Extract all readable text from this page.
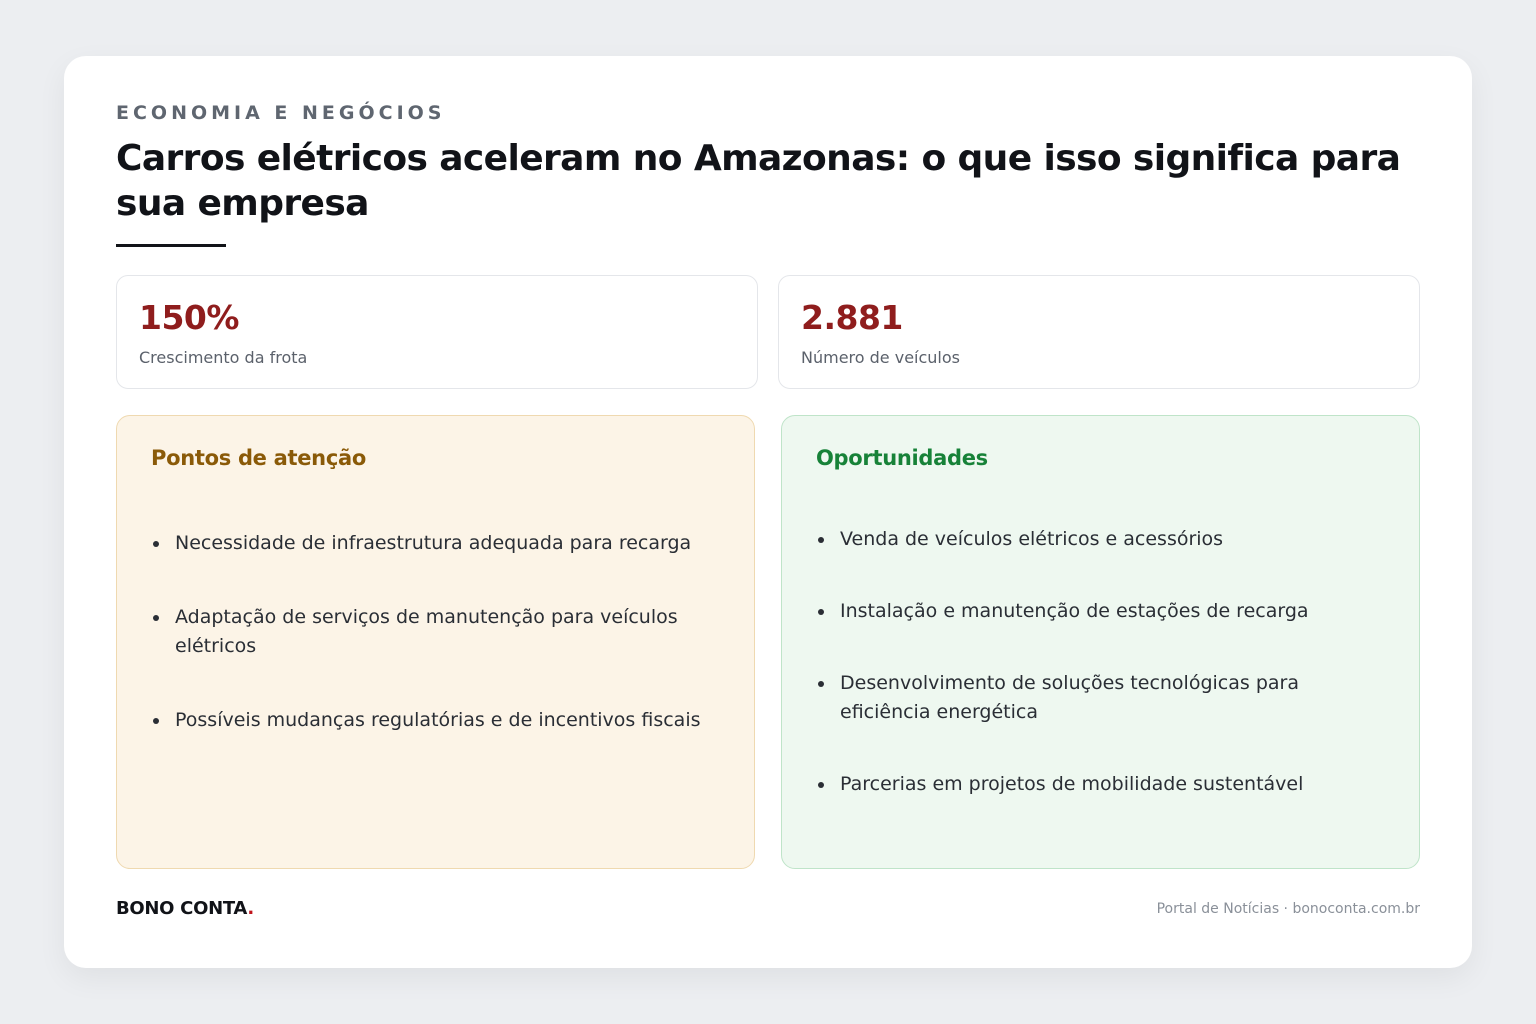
ECONOMIA E NEGÓCIOS
Carros elétricos aceleram no Amazonas: o que isso significa para sua empresa
150%
Crescimento da frota
2.881
Número de veículos
Pontos de atenção
Necessidade de infraestrutura adequada para recarga
Adaptação de serviços de manutenção para veículos elétricos
Possíveis mudanças regulatórias e de incentivos fiscais
Oportunidades
Venda de veículos elétricos e acessórios
Instalação e manutenção de estações de recarga
Desenvolvimento de soluções tecnológicas para eficiência energética
Parcerias em projetos de mobilidade sustentável
BONO CONTA.	Portal de Notícias · bonoconta.com.br
